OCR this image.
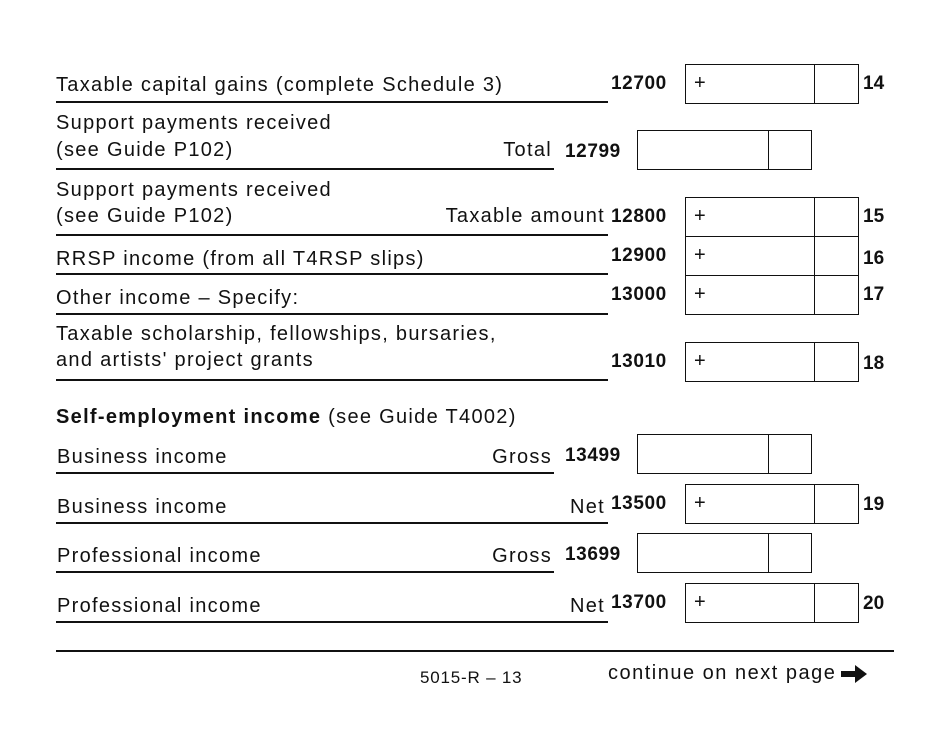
Taxable capital gains (complete Schedule 3)	12700 +	14
Support payments received
(see Guide P102)	Total 12799
Support payments received
(see Guide P102)	Taxable amount 12800 +	15
RRSP income (from all T4RSP slips)	12900 +	16
Other income – Specify:	13000 +	17
Taxable scholarship, fellowships, bursaries,
and artists' project grants	13010 +	18
Self-employment income (see Guide T4002)
Business income	Gross 13499
Business income	Net 13500 +	19
Professional income	Gross 13699
Professional income	Net 13700 +	20
5015-R – 13	continue on next page
